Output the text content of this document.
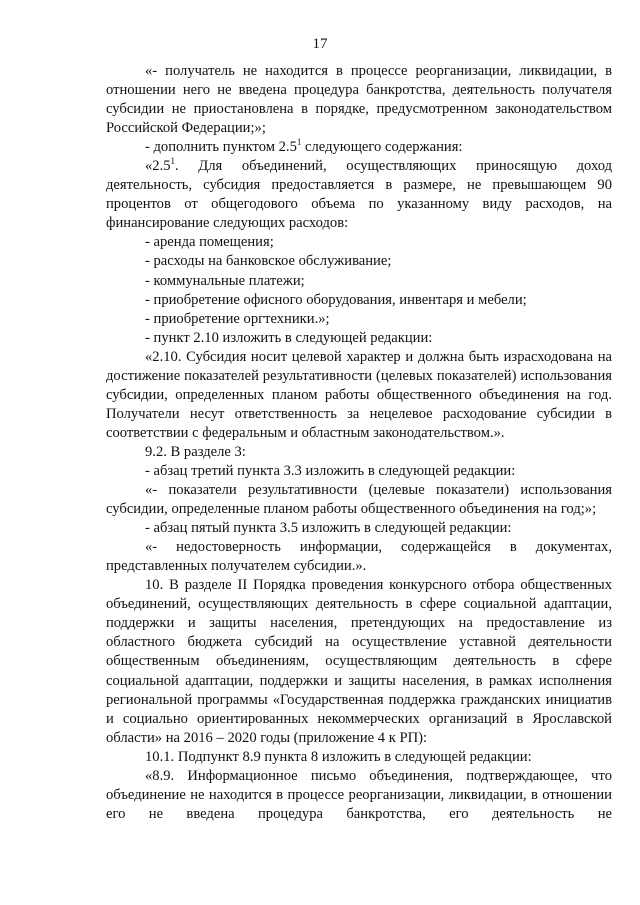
17

«- получатель не находится в процессе реорганизации, ликвидации, в отношении него не введена процедура банкротства, деятельность получателя субсидии не приостановлена в порядке, предусмотренном законодательством Российской Федерации;»;

- дополнить пунктом $2.5^1$ следующего содержания:

«$2.5^1$. Для объединений, осуществляющих приносящую доход деятельность, субсидия предоставляется в размере, не превышающем 90 процентов от общегодового объема по указанному виду расходов, на финансирование следующих расходов:

- аренда помещения;

- расходы на банковское обслуживание;

- коммунальные платежи;

- приобретение офисного оборудования, инвентаря и мебели;

- приобретение оргтехники.»;

- пункт 2.10 изложить в следующей редакции:

«2.10. Субсидия носит целевой характер и должна быть израсходована на достижение показателей результативности (целевых показателей) использования субсидии, определенных планом работы общественного объединения на год. Получатели несут ответственность за нецелевое расходование субсидии в соответствии с федеральным и областным законодательством.».

9.2. В разделе 3:

- абзац третий пункта 3.3 изложить в следующей редакции:

«- показатели результативности (целевые показатели) использования субсидии, определенные планом работы общественного объединения на год;»;

- абзац пятый пункта 3.5 изложить в следующей редакции:

«- недостоверность информации, содержащейся в документах, представленных получателем субсидии.».

10. В разделе II Порядка проведения конкурсного отбора общественных объединений, осуществляющих деятельность в сфере социальной адаптации, поддержки и защиты населения, претендующих на предоставление из областного бюджета субсидий на осуществление уставной деятельности общественным объединениям, осуществляющим деятельность в сфере социальной адаптации, поддержки и защиты населения, в рамках исполнения региональной программы «Государственная поддержка гражданских инициатив и социально ориентированных некоммерческих организаций в Ярославской области» на 2016 – 2020 годы (приложение 4 к РП):

10.1. Подпункт 8.9 пункта 8 изложить в следующей редакции:

«8.9. Информационное письмо объединения, подтверждающее, что объединение не находится в процессе реорганизации, ликвидации, в отношении его не введена процедура банкротства, его деятельность не
